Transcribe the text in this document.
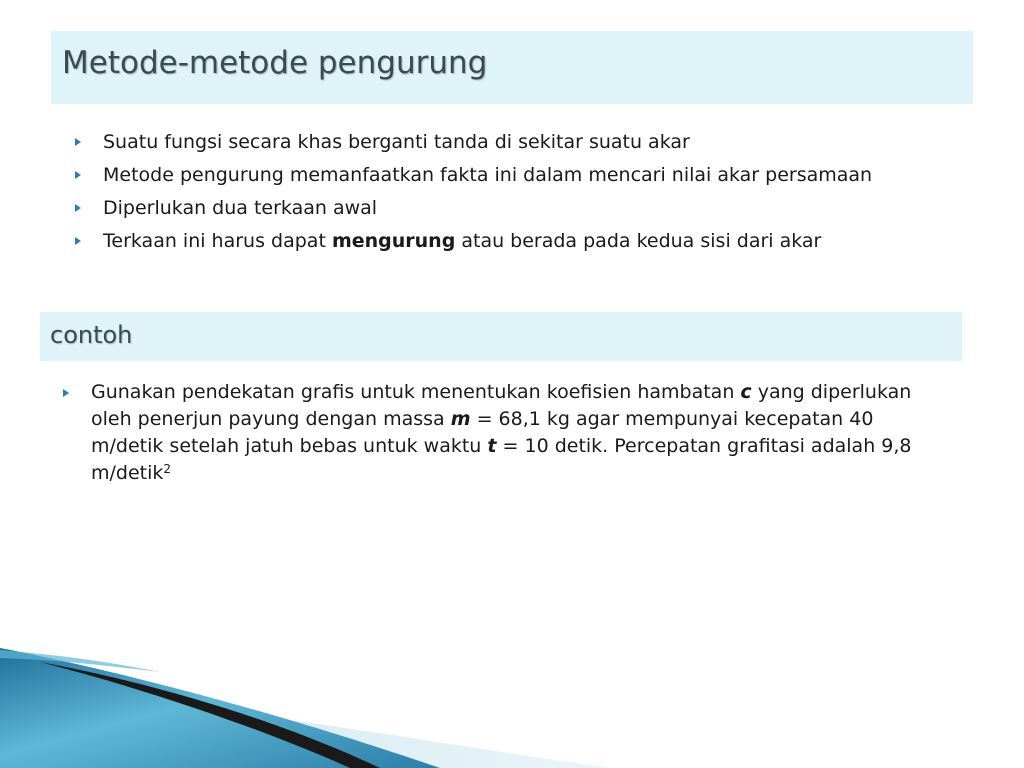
Metode-metode pengurung
Suatu fungsi secara khas berganti tanda di sekitar suatu akar
Metode pengurung memanfaatkan fakta ini dalam mencari nilai akar persamaan
Diperlukan dua terkaan awal
Terkaan ini harus dapat mengurung atau berada pada kedua sisi dari akar
contoh
Gunakan pendekatan grafis untuk menentukan koefisien hambatan c yang diperlukan oleh penerjun payung dengan massa m = 68,1 kg agar mempunyai kecepatan 40 m/detik setelah jatuh bebas untuk waktu t = 10 detik. Percepatan grafitasi adalah 9,8 m/detik$^2$
